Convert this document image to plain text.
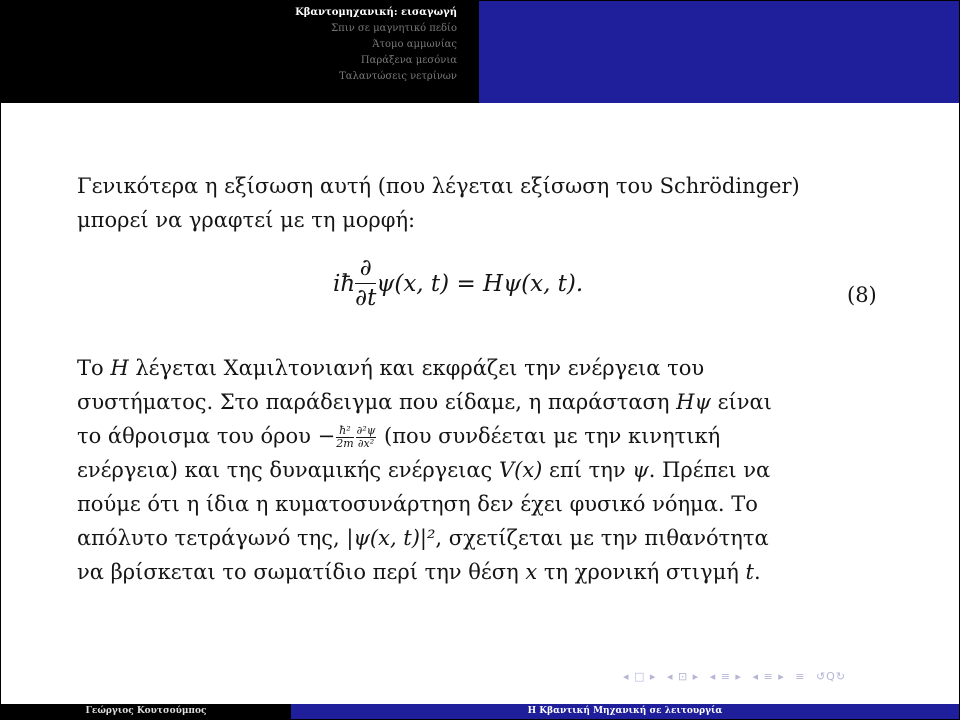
Κβαντομηχανική: εισαγωγή
Σπιν σε μαγνητικό πεδίο
Άτομο αμμωνίας
Παράξενα μεσόνια
Ταλαντώσεις νετρίνων
Γενικότερα η εξίσωση αυτή (που λέγεται εξίσωση του Schrödinger)
μπορεί να γραφτεί με τη μορφή:
iħ $\frac{\partial}{\partial t} \psi(x$, t) = Hψ(x, t).	(8)
Το H λέγεται Χαμιλτονιανή και εκφράζει την ενέργεια του
συστήματος. Στο παράδειγμα που είδαμε, η παράσταση Hψ είναι
το άθροισμα του $ό\rho o\upsilon - \frac{\text{ħ²}}{2m} \frac{\text{∂²ψ}}{\text{∂x²}} (\pi o\upsilon$ συνδέεται με την κινητική
ενέργεια) και της δυναμικής ενέργειας V(x) επί την ψ. Πρέπει να
πούμε ότι η ίδια η κυματοσυνάρτηση δεν έχει φυσικό νόημα. Το
απόλυτο τετράγωνό της, |ψ(x, t)|², σχετίζεται με την πιθανότητα
να βρίσκεται το σωματίδιο περί την θέση x τη χρονική στιγμή t.
◂ □ ▸ ◂ ⊡ ▸ ◂ ≡ ▸ ◂ ≡ ▸ ≡ ↺Q↻
Γεώργιος Κουτσούμπος	Η Κβαντική Μηχανική σε λειτουργία
